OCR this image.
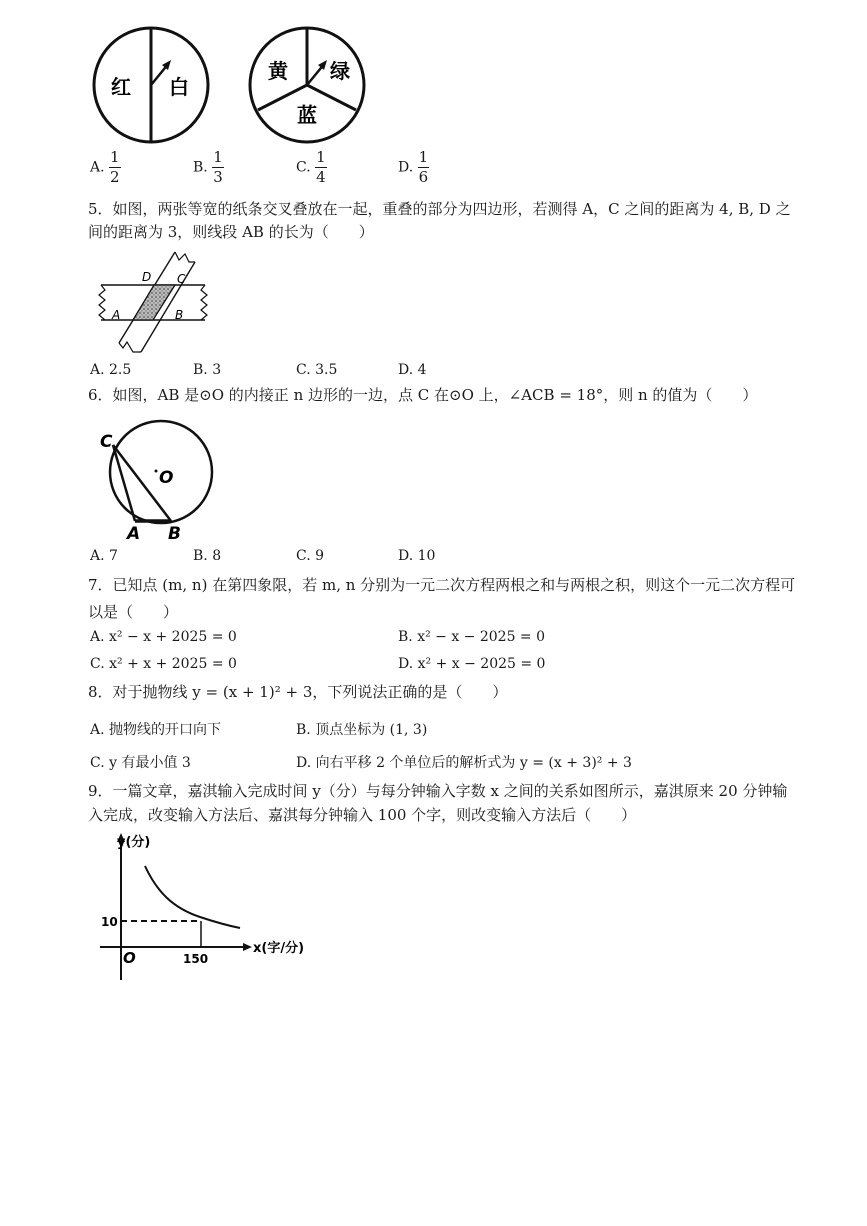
红 白
黄 绿
蓝
A. $\frac{1}{2}$	B. $\frac{1}{3}$	C. $\frac{1}{4}$	D. $\frac{1}{6}$
5．如图，两张等宽的纸条交叉叠放在一起，重叠的部分为四边形，若测得 A，C 之间的距离为 4, B, D 之
间的距离为 3，则线段 AB 的长为（　　）
D C
A	B
A. 2.5	B. 3	C. 3.5	D. 4
6．如图，AB 是⊙O 的内接正 n 边形的一边，点 C 在⊙O 上，∠ACB = 18°，则 n 的值为（　　）
C
O
A B
A. 7	B. 8	C. 9	D. 10
7．已知点 (m, n) 在第四象限，若 m, n 分别为一元二次方程两根之和与两根之积，则这个一元二次方程可
以是（　　）
A. x² − x + 2025 = 0	B. x² − x − 2025 = 0
C. x² + x + 2025 = 0	D. x² + x − 2025 = 0
8．对于抛物线 y = (x + 1)² + 3，下列说法正确的是（　　）
A. 抛物线的开口向下	B. 顶点坐标为 (1, 3)
C. y 有最小值 3	D. 向右平移 2 个单位后的解析式为 y = (x + 3)² + 3
9．一篇文章，嘉淇输入完成时间 y（分）与每分钟输入字数 x 之间的关系如图所示，嘉淇原来 20 分钟输
入完成，改变输入方法后、嘉淇每分钟输入 100 个字，则改变输入方法后（　　）
y(分)
x(字/分)
O
10
150
